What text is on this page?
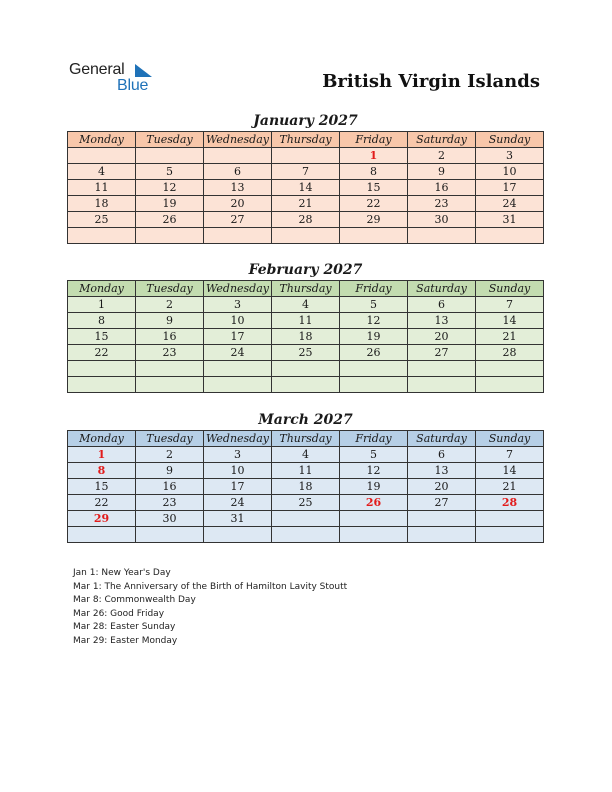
General
Blue	British Virgin Islands
January 2027
Monday	Tuesday	Wednesday	Thursday	Friday	Saturday	Sunday
				1	2	3
4	5	6	7	8	9	10
11	12	13	14	15	16	17
18	19	20	21	22	23	24
25	26	27	28	29	30	31

February 2027
Monday	Tuesday	Wednesday	Thursday	Friday	Saturday	Sunday
1	2	3	4	5	6	7
8	9	10	11	12	13	14
15	16	17	18	19	20	21
22	23	24	25	26	27	28

March 2027
Monday	Tuesday	Wednesday	Thursday	Friday	Saturday	Sunday
1	2	3	4	5	6	7
8	9	10	11	12	13	14
15	16	17	18	19	20	21
22	23	24	25	26	27	28
29	30	31				

Jan 1: New Year's Day
Mar 1: The Anniversary of the Birth of Hamilton Lavity Stoutt
Mar 8: Commonwealth Day
Mar 26: Good Friday
Mar 28: Easter Sunday
Mar 29: Easter Monday
